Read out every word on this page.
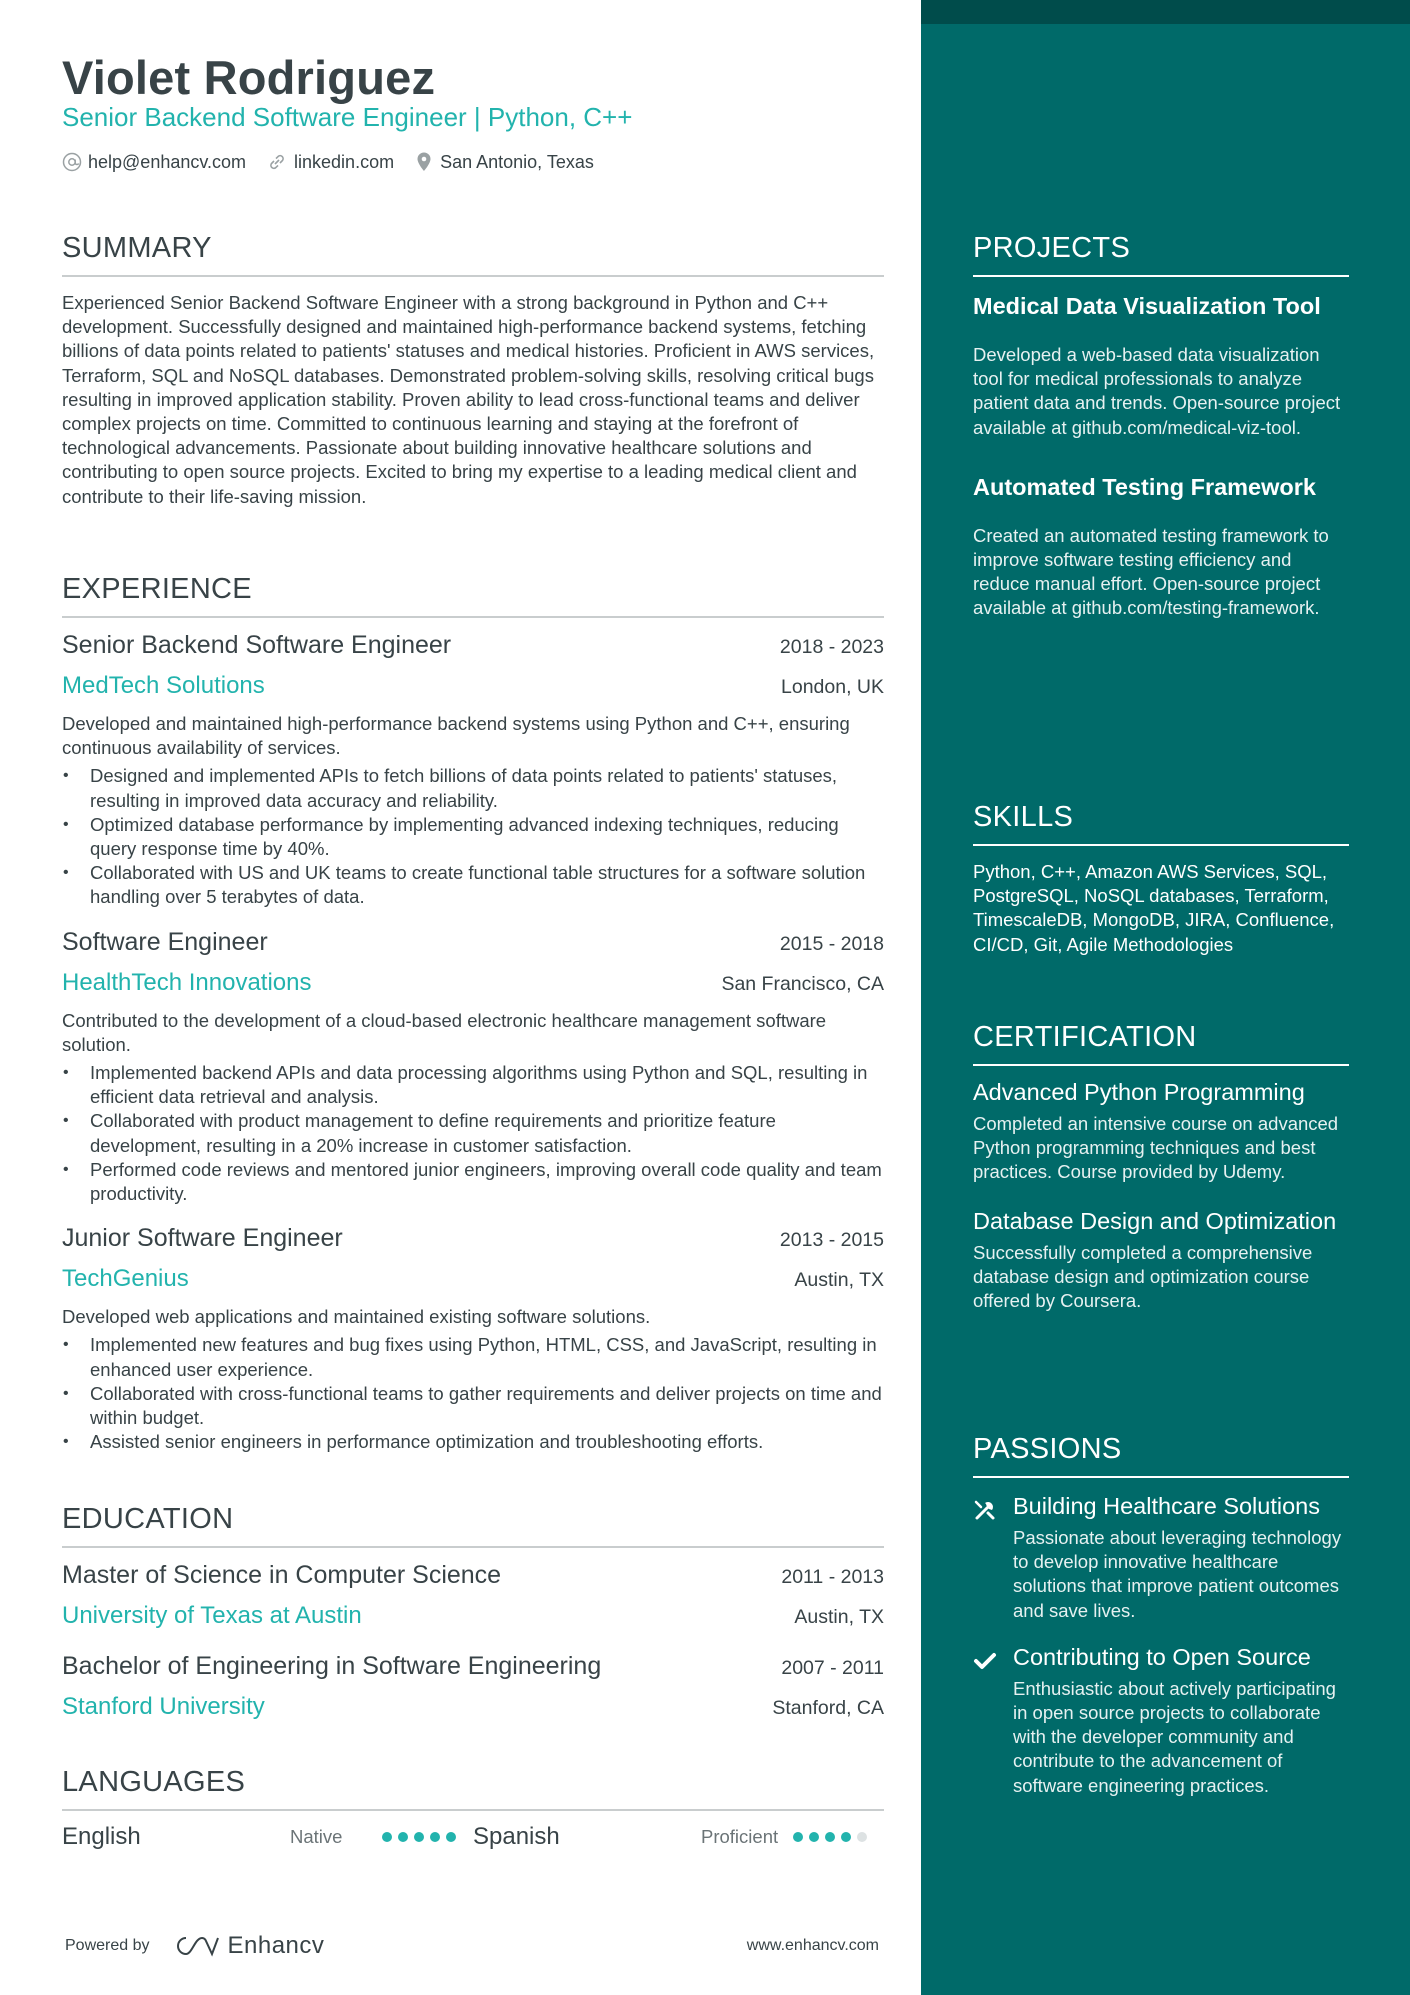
Violet Rodriguez
Senior Backend Software Engineer | Python, C++
help@enhancv.com	linkedin.com	San Antonio, Texas
SUMMARY

Experienced Senior Backend Software Engineer with a strong background in Python and C++ development. Successfully designed and maintained high-performance backend systems, fetching billions of data points related to patients' statuses and medical histories. Proficient in AWS services, Terraform, SQL and NoSQL databases. Demonstrated problem-solving skills, resolving critical bugs resulting in improved application stability. Proven ability to lead cross-functional teams and deliver complex projects on time. Committed to continuous learning and staying at the forefront of technological advancements. Passionate about building innovative healthcare solutions and contributing to open source projects. Excited to bring my expertise to a leading medical client and contribute to their life-saving mission.

EXPERIENCE
Senior Backend Software Engineer	2018 - 2023
MedTech Solutions	London, UK
Developed and maintained high-performance backend systems using Python and C++, ensuring continuous availability of services.
• Designed and implemented APIs to fetch billions of data points related to patients' statuses, resulting in improved data accuracy and reliability.
• Optimized database performance by implementing advanced indexing techniques, reducing query response time by 40%.
• Collaborated with US and UK teams to create functional table structures for a software solution handling over 5 terabytes of data.
Software Engineer	2015 - 2018
HealthTech Innovations	San Francisco, CA
Contributed to the development of a cloud-based electronic healthcare management software solution.
• Implemented backend APIs and data processing algorithms using Python and SQL, resulting in efficient data retrieval and analysis.
• Collaborated with product management to define requirements and prioritize feature development, resulting in a 20% increase in customer satisfaction.
• Performed code reviews and mentored junior engineers, improving overall code quality and team productivity.
Junior Software Engineer	2013 - 2015
TechGenius	Austin, TX
Developed web applications and maintained existing software solutions.
• Implemented new features and bug fixes using Python, HTML, CSS, and JavaScript, resulting in enhanced user experience.
• Collaborated with cross-functional teams to gather requirements and deliver projects on time and within budget.
• Assisted senior engineers in performance optimization and troubleshooting efforts.
EDUCATION
Master of Science in Computer Science	2011 - 2013
University of Texas at Austin	Austin, TX
Bachelor of Engineering in Software Engineering	2007 - 2011
Stanford University	Stanford, CA
LANGUAGES
English	Native	Spanish	Proficient
Powered by	Enhancv	www.enhancv.com
PROJECTS
Medical Data Visualization Tool
Developed a web-based data visualization tool for medical professionals to analyze patient data and trends. Open-source project available at github.com/medical-viz-tool.
Automated Testing Framework
Created an automated testing framework to improve software testing efficiency and reduce manual effort. Open-source project available at github.com/testing-framework.
SKILLS
Python, C++, Amazon AWS Services, SQL, PostgreSQL, NoSQL databases, Terraform, TimescaleDB, MongoDB, JIRA, Confluence, CI/CD, Git, Agile Methodologies
CERTIFICATION
Advanced Python Programming
Completed an intensive course on advanced Python programming techniques and best practices. Course provided by Udemy.
Database Design and Optimization
Successfully completed a comprehensive database design and optimization course offered by Coursera.
PASSIONS
Building Healthcare Solutions
Passionate about leveraging technology to develop innovative healthcare solutions that improve patient outcomes and save lives.
Contributing to Open Source
Enthusiastic about actively participating in open source projects to collaborate with the developer community and contribute to the advancement of software engineering practices.
